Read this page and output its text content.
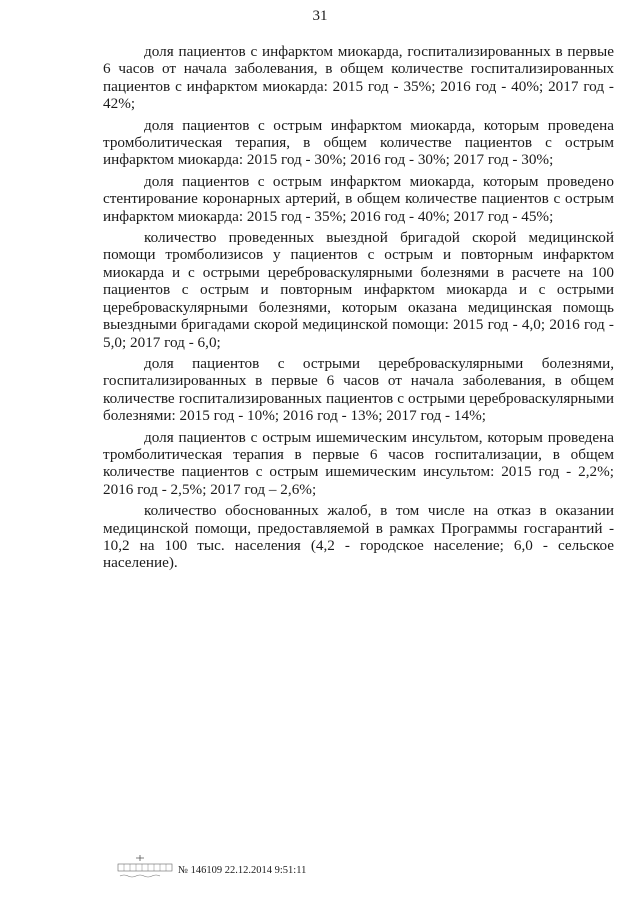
31

доля пациентов с инфарктом миокарда, госпитализированных в первые 6 часов от начала заболевания, в общем количестве госпитализированных пациентов с инфарктом миокарда: 2015 год - 35%; 2016 год - 40%; 2017 год - 42%;

доля пациентов с острым инфарктом миокарда, которым проведена тромболитическая терапия, в общем количестве пациентов с острым инфарктом миокарда: 2015 год - 30%; 2016 год - 30%; 2017 год - 30%;

доля пациентов с острым инфарктом миокарда, которым проведено стентирование коронарных артерий, в общем количестве пациентов с острым инфарктом миокарда: 2015 год - 35%; 2016 год - 40%; 2017 год - 45%;

количество проведенных выездной бригадой скорой медицинской помощи тромболизисов у пациентов с острым и повторным инфарктом миокарда и с острыми цереброваскулярными болезнями в расчете на 100 пациентов с острым и повторным инфарктом миокарда и с острыми цереброваскулярными болезнями, которым оказана медицинская помощь выездными бригадами скорой медицинской помощи: 2015 год - 4,0; 2016 год - 5,0; 2017 год - 6,0;

доля пациентов с острыми цереброваскулярными болезнями, госпитализированных в первые 6 часов от начала заболевания, в общем количестве госпитализированных пациентов с острыми цереброваскулярными болезнями: 2015 год - 10%; 2016 год - 13%; 2017 год - 14%;

доля пациентов с острым ишемическим инсультом, которым проведена тромболитическая терапия в первые 6 часов госпитализации, в общем количестве пациентов с острым ишемическим инсультом: 2015 год - 2,2%; 2016 год - 2,5%; 2017 год – 2,6%;

количество обоснованных жалоб, в том числе на отказ в оказании медицинской помощи, предоставляемой в рамках Программы госгарантий - 10,2 на 100 тыс. населения (4,2 - городское население; 6,0 - сельское население).

№ 146109 22.12.2014 9:51:11
